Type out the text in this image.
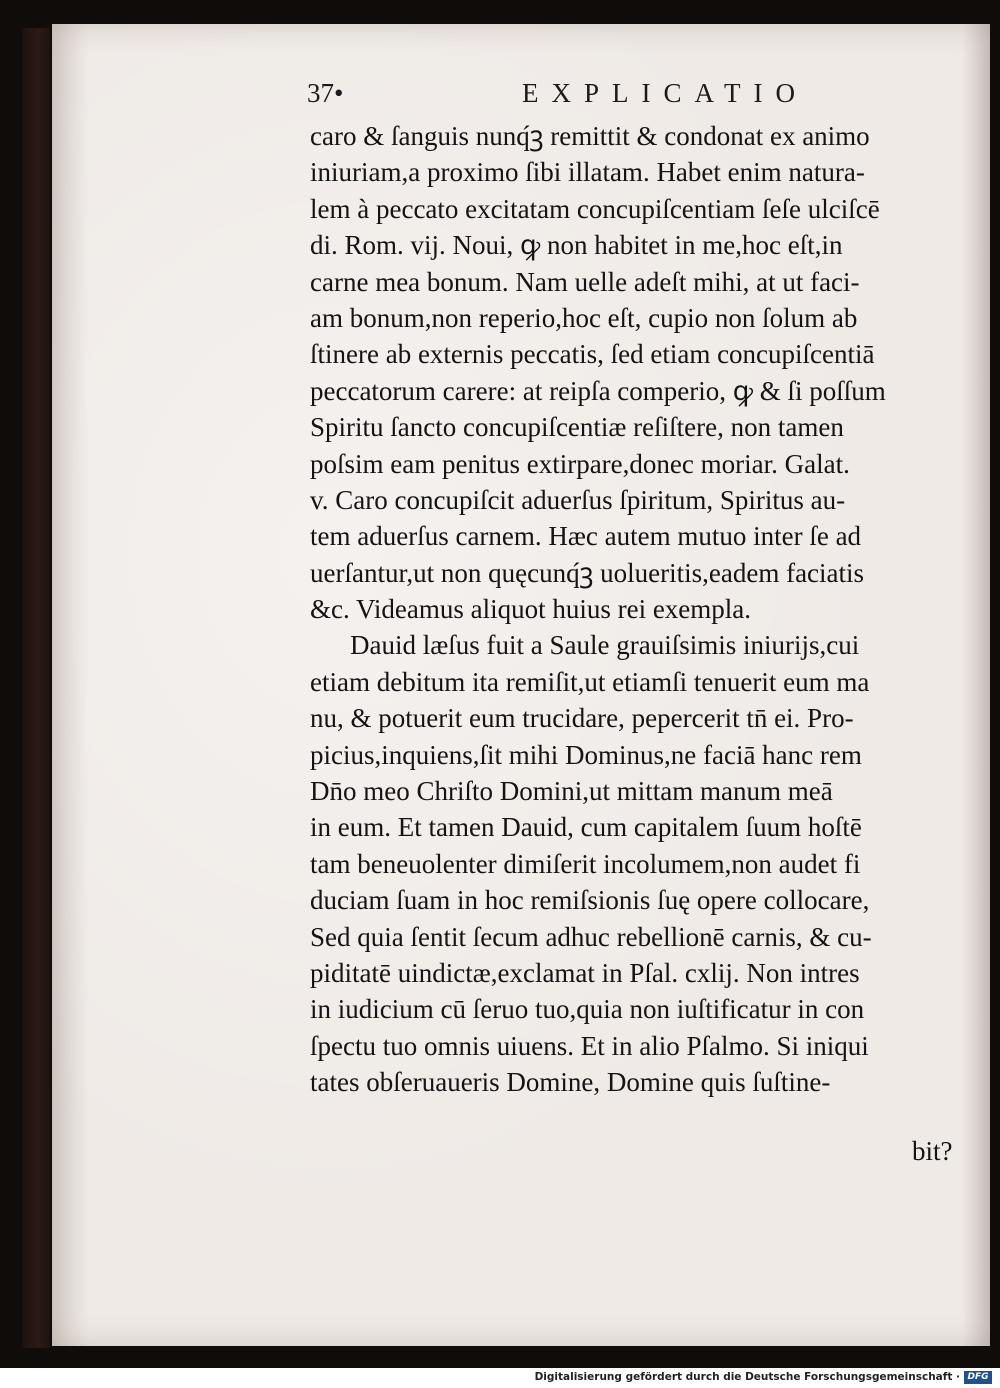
37•	EXPLICATIO
caro & ſanguis nunq́ꝫ remittit & condonat ex animo
iniuriam,a proximo ſibi illatam. Habet enim natura-
lem à peccato excitatam concupiſcentiam ſeſe ulciſcē
di. Rom. vij. Noui, ꝙ non habitet in me,hoc eſt,in
carne mea bonum. Nam uelle adeſt mihi, at ut faci-
am bonum,non reperio,hoc eſt, cupio non ſolum ab
ſtinere ab externis peccatis, ſed etiam concupiſcentiā
peccatorum carere: at reipſa comperio, ꝙ & ſi poſſum
Spiritu ſancto concupiſcentiæ reſiſtere, non tamen
poſsim eam penitus extirpare,donec moriar. Galat.
v. Caro concupiſcit aduerſus ſpiritum, Spiritus au-
tem aduerſus carnem. Hæc autem mutuo inter ſe ad
uerſantur,ut non quęcunq́ꝫ uolueritis,eadem faciatis
&c. Videamus aliquot huius rei exempla.
Dauid læſus fuit a Saule grauiſsimis iniurijs,cui
etiam debitum ita remiſit,ut etiamſi tenuerit eum ma
nu, & potuerit eum trucidare, pepercerit tn̄ ei. Pro-
picius,inquiens,ſit mihi Dominus,ne faciā hanc rem
Dn̄o meo Chriſto Domini,ut mittam manum meā
in eum. Et tamen Dauid, cum capitalem ſuum hoſtē
tam beneuolenter dimiſerit incolumem,non audet fi
duciam ſuam in hoc remiſsionis ſuę opere collocare,
Sed quia ſentit ſecum adhuc rebellionē carnis, & cu-
piditatē uindictæ,exclamat in Pſal. cxlij. Non intres
in iudicium cū ſeruo tuo,quia non iuſtificatur in con
ſpectu tuo omnis uiuens. Et in alio Pſalmo. Si iniqui
tates obſeruaueris Domine, Domine quis ſuſtine-
bit?
Digitalisierung gefördert durch die Deutsche Forschungsgemeinschaft · DFG
